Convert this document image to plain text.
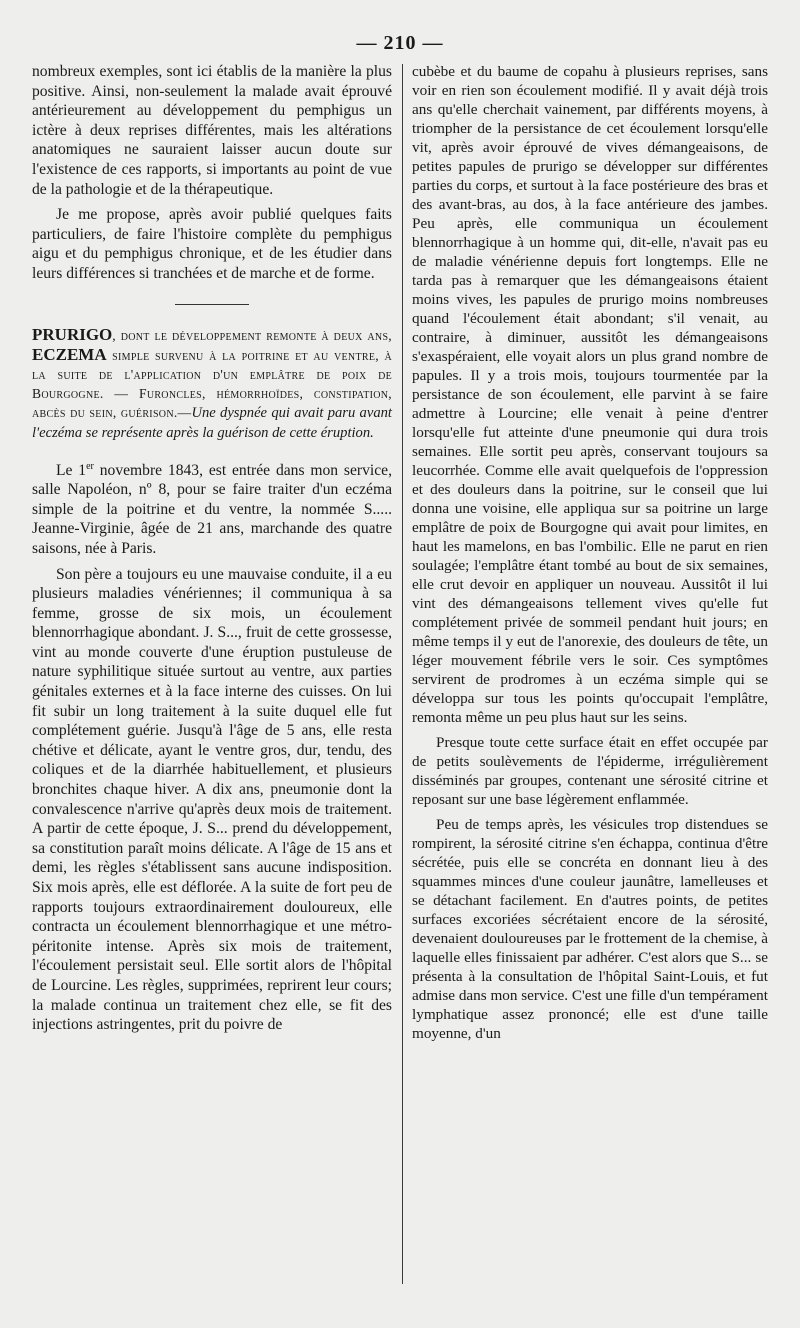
— 210 —

nombreux exemples, sont ici établis de la manière la plus positive. Ainsi, non-seulement la malade avait éprouvé antérieurement au développement du pemphigus un ictère à deux reprises différentes, mais les altérations anatomiques ne sauraient laisser aucun doute sur l'existence de ces rapports, si importants au point de vue de la pathologie et de la thérapeutique.

Je me propose, après avoir publié quelques faits particuliers, de faire l'histoire complète du pemphigus aigu et du pemphigus chronique, et de les étudier dans leurs différences si tranchées et de marche et de forme.

PRURIGO, dont le développement remonte à deux ans, ECZEMA simple survenu à la poitrine et au ventre, à la suite de l'application d'un emplâtre de poix de Bourgogne. — Furoncles, hémorrhoïdes, constipation, abcès du sein, guérison.—Une dyspnée qui avait paru avant l'eczéma se représente après la guérison de cette éruption.

Le 1er novembre 1843, est entrée dans mon service, salle Napoléon, nº 8, pour se faire traiter d'un eczéma simple de la poitrine et du ventre, la nommée S..... Jeanne-Virginie, âgée de 21 ans, marchande des quatre saisons, née à Paris.

Son père a toujours eu une mauvaise conduite, il a eu plusieurs maladies vénériennes; il communiqua à sa femme, grosse de six mois, un écoulement blennorrhagique abondant. J. S..., fruit de cette grossesse, vint au monde couverte d'une éruption pustuleuse de nature syphilitique située surtout au ventre, aux parties génitales externes et à la face interne des cuisses. On lui fit subir un long traitement à la suite duquel elle fut complétement guérie. Jusqu'à l'âge de 5 ans, elle resta chétive et délicate, ayant le ventre gros, dur, tendu, des coliques et de la diarrhée habituellement, et plusieurs bronchites chaque hiver. A dix ans, pneumonie dont la convalescence n'arrive qu'après deux mois de traitement. A partir de cette époque, J. S... prend du développement, sa constitution paraît moins délicate. A l'âge de 15 ans et demi, les règles s'établissent sans aucune indisposition. Six mois après, elle est déflorée. A la suite de fort peu de rapports toujours extraordinairement douloureux, elle contracta un écoulement blennorrhagique et une métro-péritonite intense. Après six mois de traitement, l'écoulement persistait seul. Elle sortit alors de l'hôpital de Lourcine. Les règles, supprimées, reprirent leur cours; la malade continua un traitement chez elle, se fit des injections astringentes, prit du poivre de

cubèbe et du baume de copahu à plusieurs reprises, sans voir en rien son écoulement modifié. Il y avait déjà trois ans qu'elle cherchait vainement, par différents moyens, à triompher de la persistance de cet écoulement lorsqu'elle vit, après avoir éprouvé de vives démangeaisons, de petites papules de prurigo se développer sur différentes parties du corps, et surtout à la face postérieure des bras et des avant-bras, au dos, à la face antérieure des jambes. Peu après, elle communiqua un écoulement blennorrhagique à un homme qui, dit-elle, n'avait pas eu de maladie vénérienne depuis fort longtemps. Elle ne tarda pas à remarquer que les démangeaisons étaient moins vives, les papules de prurigo moins nombreuses quand l'écoulement était abondant; s'il venait, au contraire, à diminuer, aussitôt les démangeaisons s'exaspéraient, elle voyait alors un plus grand nombre de papules. Il y a trois mois, toujours tourmentée par la persistance de son écoulement, elle parvint à se faire admettre à Lourcine; elle venait à peine d'entrer lorsqu'elle fut atteinte d'une pneumonie qui dura trois semaines. Elle sortit peu après, conservant toujours sa leucorrhée. Comme elle avait quelquefois de l'oppression et des douleurs dans la poitrine, sur le conseil que lui donna une voisine, elle appliqua sur sa poitrine un large emplâtre de poix de Bourgogne qui avait pour limites, en haut les mamelons, en bas l'ombilic. Elle ne parut en rien soulagée; l'emplâtre étant tombé au bout de six semaines, elle crut devoir en appliquer un nouveau. Aussitôt il lui vint des démangeaisons tellement vives qu'elle fut complétement privée de sommeil pendant huit jours; en même temps il y eut de l'anorexie, des douleurs de tête, un léger mouvement fébrile vers le soir. Ces symptômes servirent de prodromes à un eczéma simple qui se développa sur tous les points qu'occupait l'emplâtre, remonta même un peu plus haut sur les seins.

Presque toute cette surface était en effet occupée par de petits soulèvements de l'épiderme, irrégulièrement disséminés par groupes, contenant une sérosité citrine et reposant sur une base légèrement enflammée.

Peu de temps après, les vésicules trop distendues se rompirent, la sérosité citrine s'en échappa, continua d'être sécrétée, puis elle se concréta en donnant lieu à des squammes minces d'une couleur jaunâtre, lamelleuses et se détachant facilement. En d'autres points, de petites surfaces excoriées sécrétaient encore de la sérosité, devenaient douloureuses par le frottement de la chemise, à laquelle elles finissaient par adhérer. C'est alors que S... se présenta à la consultation de l'hôpital Saint-Louis, et fut admise dans mon service. C'est une fille d'un tempérament lymphatique assez prononcé; elle est d'une taille moyenne, d'un
